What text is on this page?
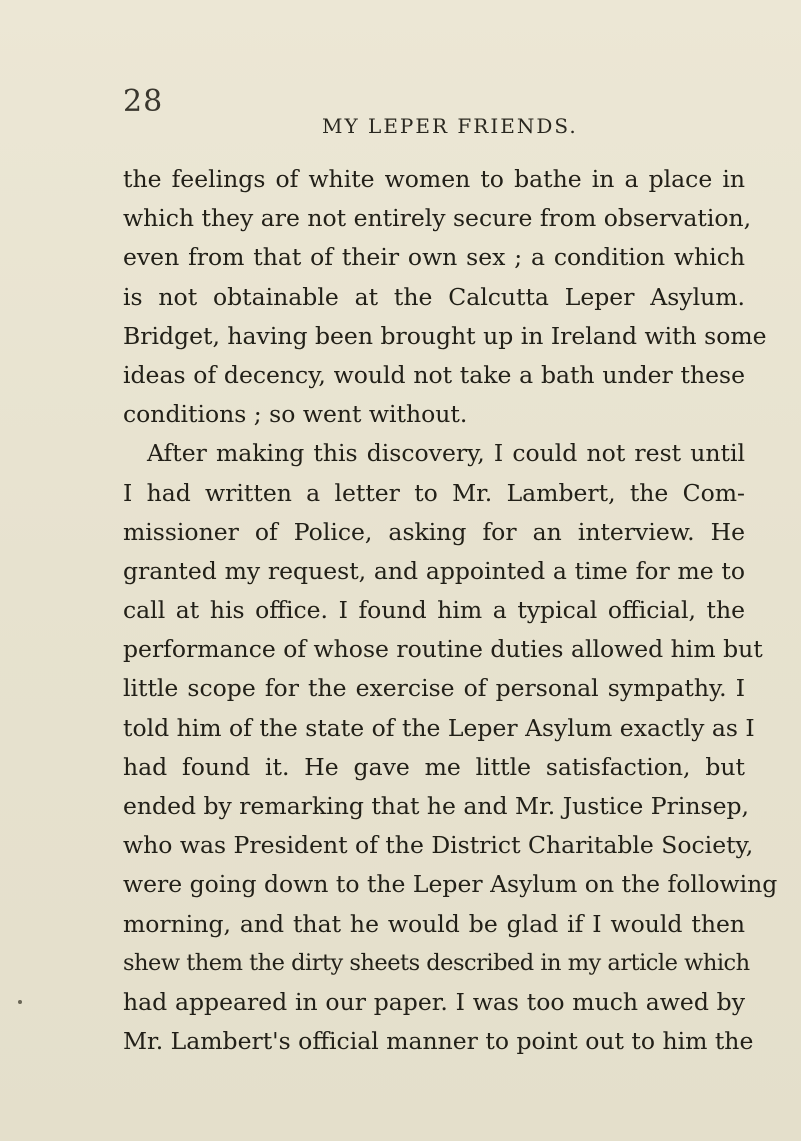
28
MY LEPER FRIENDS.
the feelings of white women to bathe in a place in
which they are not entirely secure from observation,
even from that of their own sex ; a condition which
is not obtainable at the Calcutta Leper Asylum.
Bridget, having been brought up in Ireland with some
ideas of decency, would not take a bath under these
conditions ; so went without.
After making this discovery, I could not rest until
I had written a letter to Mr. Lambert, the Com-
missioner of Police, asking for an interview. He
granted my request, and appointed a time for me to
call at his office. I found him a typical official, the
performance of whose routine duties allowed him but
little scope for the exercise of personal sympathy. I
told him of the state of the Leper Asylum exactly as I
had found it. He gave me little satisfaction, but
ended by remarking that he and Mr. Justice Prinsep,
who was President of the District Charitable Society,
were going down to the Leper Asylum on the following
morning, and that he would be glad if I would then
shew them the dirty sheets described in my article which
had appeared in our paper. I was too much awed by
Mr. Lambert's official manner to point out to him the
